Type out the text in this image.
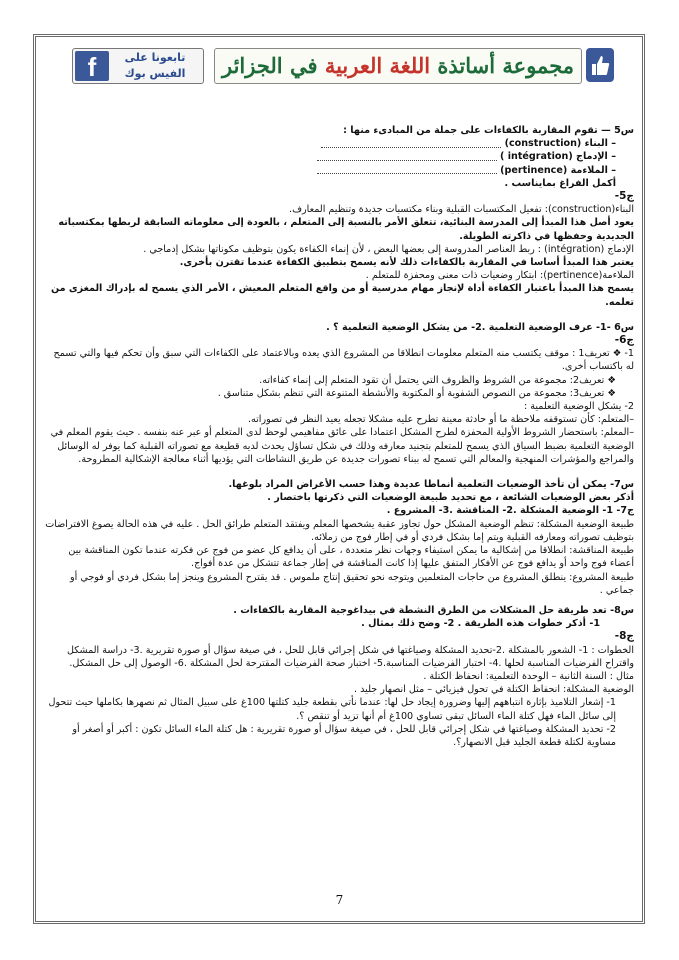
f	تابعونا على
الفيس بوك	مجموعة أساتذة اللغة العربية في الجزائر

س5 — تقوم المقاربة بالكفاءات على جملة من المبادىء منها :

– البناء (construction)

– الإدماج (intégration )

– الملاءمة (pertinence)

أكمل الفراغ بمايناسب .

ج5-

البناء(construction): تفعيل المكتسبات القبلية وبناء مكتسبات جديدة وتنظيم المعارف.

يعود أصل هذا المبدأ إلى المدرسة البنائية، تتعلق الأمر بالنسبة إلى المتعلم ، بالعودة إلى معلوماته السابقة لربطها بمكتسباته الجديدية وحفظها في ذاكرته الطويلة.

الإدماج (intégration) : ربط العناصر المدروسة إلى بعضها البعض ، لأن إنماء الكفاءة يكون بتوظيف مكوناتها بشكل إدماجي .

يعتبر هذا المبدأ أساسا في المقاربة بالكفاءات ذلك لأنه يسمح بتطبيق الكفاءة عندما تقترن بأخرى.

الملاءمة(pertinence): ابتكار وضعيات ذات معنى ومحفزة للمتعلم .

يسمح هذا المبدأ باعتبار الكفاءة أداة لإنجاز مهام مدرسية أو من واقع المتعلم المعيش ، الأمر الذي يسمح له بإدراك المغزى من تعلمه.

س6 -1- عرف الوضعية التعلمية .2- من يشكل الوضعية التعلمية ؟ .

ج6-

1- ❖ تعريف1 : موقف يكتسب منه المتعلم معلومات انطلاقا من المشروع الذي يعده وبالاعتماد على الكفاءات التي سبق وأن تحكم فيها والتي تسمح له باكتساب أخرى.

❖ تعريف2: مجموعة من الشروط والظروف التي يحتمل أن تقود المتعلم إلى إنماء كفاءاته.

❖ تعريف3: مجموعة من النصوص الشفوية أو المكتوبة والأنشطة المتنوعة التي تنظم بشكل متناسق .

2- يشكل الوضعية التعلمية :

–المتعلم: كأن تستوقفه ملاحظة ما أو حادثة معينة تطرح عليه مشكلا تجعله يعيد النظر في تصوراته.

–المعلم: باستحضار الشروط الأولية المحفزة لطرح المشكل اعتمادا على عائق مفاهيمي لوحظ لدى المتعلم أو عبر عنه بنفسه . حيث يقوم المعلم في الوضعية التعلمية بضبط السياق الذي يسمح للمتعلم بتجنيد معارفه وذلك في شكل تساؤل يحدث لديه قطيعة مع تصوراته القبلية كما يوفر له الوسائل والمراجع والمؤشرات المنهجية والمعالم التي تسمح له ببناء تصورات جديدة عن طريق النشاطات التي يؤديها أثناء معالجة الإشكالية المطروحة.

س7- يمكن أن تأخذ الوضعيات التعلمية أنماطا عديدة وهذا حسب الأغراض المراد بلوغها.

أذكر بعض الوضعيات الشائعة ، مع تحديد طبيعة الوضعيات التي ذكرتها باختصار .

ج7- 1- الوضعية المشكلة .2- المناقشة .3- المشروع .

طبيعة الوضعية المشكلة: تنظم الوضعية المشكل حول تجاوز عقبة يشخصها المعلم ويفتقد المتعلم طرائق الحل . عليه في هذه الحالة يصوغ الافتراضات بتوظيف تصوراته ومعارفه القبلية ويتم إما بشكل فردي أو في إطار فوج من زملائه.

طبيعة المناقشة: انطلاقا من إشكالية ما يمكن استيفاء وجهات نظر متعددة ، على أن يدافع كل عضو من فوج عن فكرته عندما تكون المناقشة بين أعضاء فوج واحد أو يدافع فوج عن الأفكار المتفق عليها إذا كانت المناقشة في إطار جماعة تتشكل من عدة أفواج.

طبيعة المشروع: ينطلق المشروع من حاجات المتعلمين ويتوجه نحو تحقيق إنتاج ملموس . قد يقترح المشروع وينجز إما بشكل فردي أو فوجي أو جماعي .

س8- تعد طريقة حل المشكلات من الطرق النشطة في بيداغوجية المقاربة بالكفاءات .

1- أذكر خطوات هذه الطريقة . 2- وضح ذلك بمثال .

ج8-

الخطوات : 1- الشعور بالمشكلة .2-تحديد المشكلة وصياغتها في شكل إجرائي قابل للحل ، في صيغة سؤال أو صورة تقريرية .3- دراسة المشكل واقتراح الفرضيات المناسبة لحلها .4- اختبار الفرضيات المناسبة.5- اختبار صحة الفرضيات المقترحة لحل المشكلة .6- الوصول إلى حل المشكل.

مثال : السنة الثانية – الوحدة التعلمية: انحفاظ الكتلة .

الوضعية المشكلة: انحفاظ الكتلة في تحول فيزيائي – مثل انصهار جليد .

1- إشعار التلاميذ بإثارة انتباههم إليها وضرورة إيجاد حل لها: عندما نأتي بقطعة جليد كتلتها 100غ على سبيل المثال ثم نصهرها بكاملها حيث تتحول إلى سائل الماء فهل كتلة الماء السائل تبقى تساوي 100غ أم أنها تزيد أو تنقص ؟.

2- تحديد المشكلة وصياغتها في شكل إجرائي قابل للحل ، في صيغة سؤال أو صورة تقريرية : هل كتلة الماء السائل تكون : أكبر أو أصغر أو مساوية لكتلة قطعة الجليد قبل الانصهار؟.

7
